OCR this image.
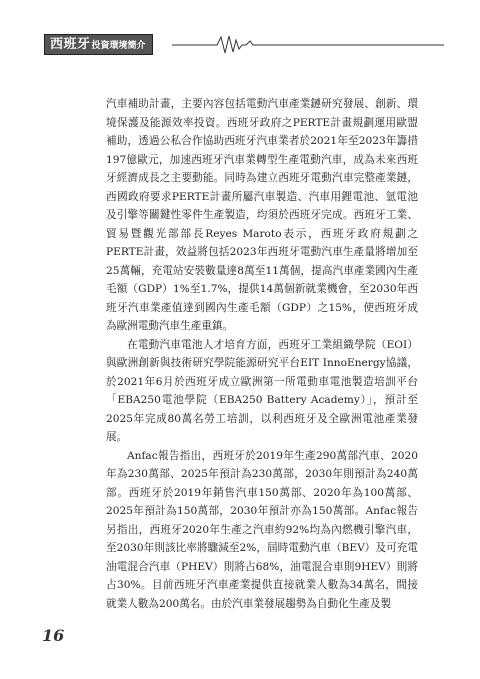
西班牙 投資環境簡介

汽車補助計畫，主要內容包括電動汽車產業鏈研究發展、創新、環境保護及能源效率投資。西班牙政府之PERTE計畫規劃運用歐盟補助，透過公私合作協助西班牙汽車業者於2021年至2023年籌措197億歐元，加速西班牙汽車業轉型生產電動汽車，成為未來西班牙經濟成長之主要動能。同時為建立西班牙電動汽車完整產業鏈，西國政府要求PERTE計畫所屬汽車製造、汽車用鋰電池、氫電池及引擎等關鍵性零件生產製造，均須於西班牙完成。西班牙工業、貿易暨觀光部部長Reyes Maroto表示，西班牙政府規劃之PERTE計畫，效益將包括2023年西班牙電動汽車生產量將增加至25萬輛，充電站安裝數量達8萬至11萬個，提高汽車產業國內生產毛額（GDP）1%至1.7%，提供14萬個新就業機會，至2030年西班牙汽車業產值達到國內生產毛額（GDP）之15%，使西班牙成為歐洲電動汽車生產重鎮。

在電動汽車電池人才培育方面，西班牙工業組織學院（EOI）與歐洲創新與技術研究學院能源研究平台EIT InnoEnergy協議，於2021年6月於西班牙成立歐洲第一所電動車電池製造培訓平台「EBA250電池學院（EBA250 Battery Academy）」，預計至2025年完成80萬名勞工培訓，以利西班牙及全歐洲電池產業發展。

Anfac報告指出，西班牙於2019年生產290萬部汽車、2020年為230萬部、2025年預計為230萬部，2030年則預計為240萬部。西班牙於2019年銷售汽車150萬部、2020年為100萬部、2025年預計為150萬部，2030年預計亦為150萬部。Anfac報告另指出，西班牙2020年生產之汽車約92%均為內燃機引擎汽車，至2030年則該比率將驟減至2%，屆時電動汽車（BEV）及可充電油電混合汽車（PHEV）則將占68%，油電混合車則9HEV）則將占30%。目前西班牙汽車產業提供直接就業人數為34萬名，間接就業人數為200萬名。由於汽車業發展趨勢為自動化生產及製

16
